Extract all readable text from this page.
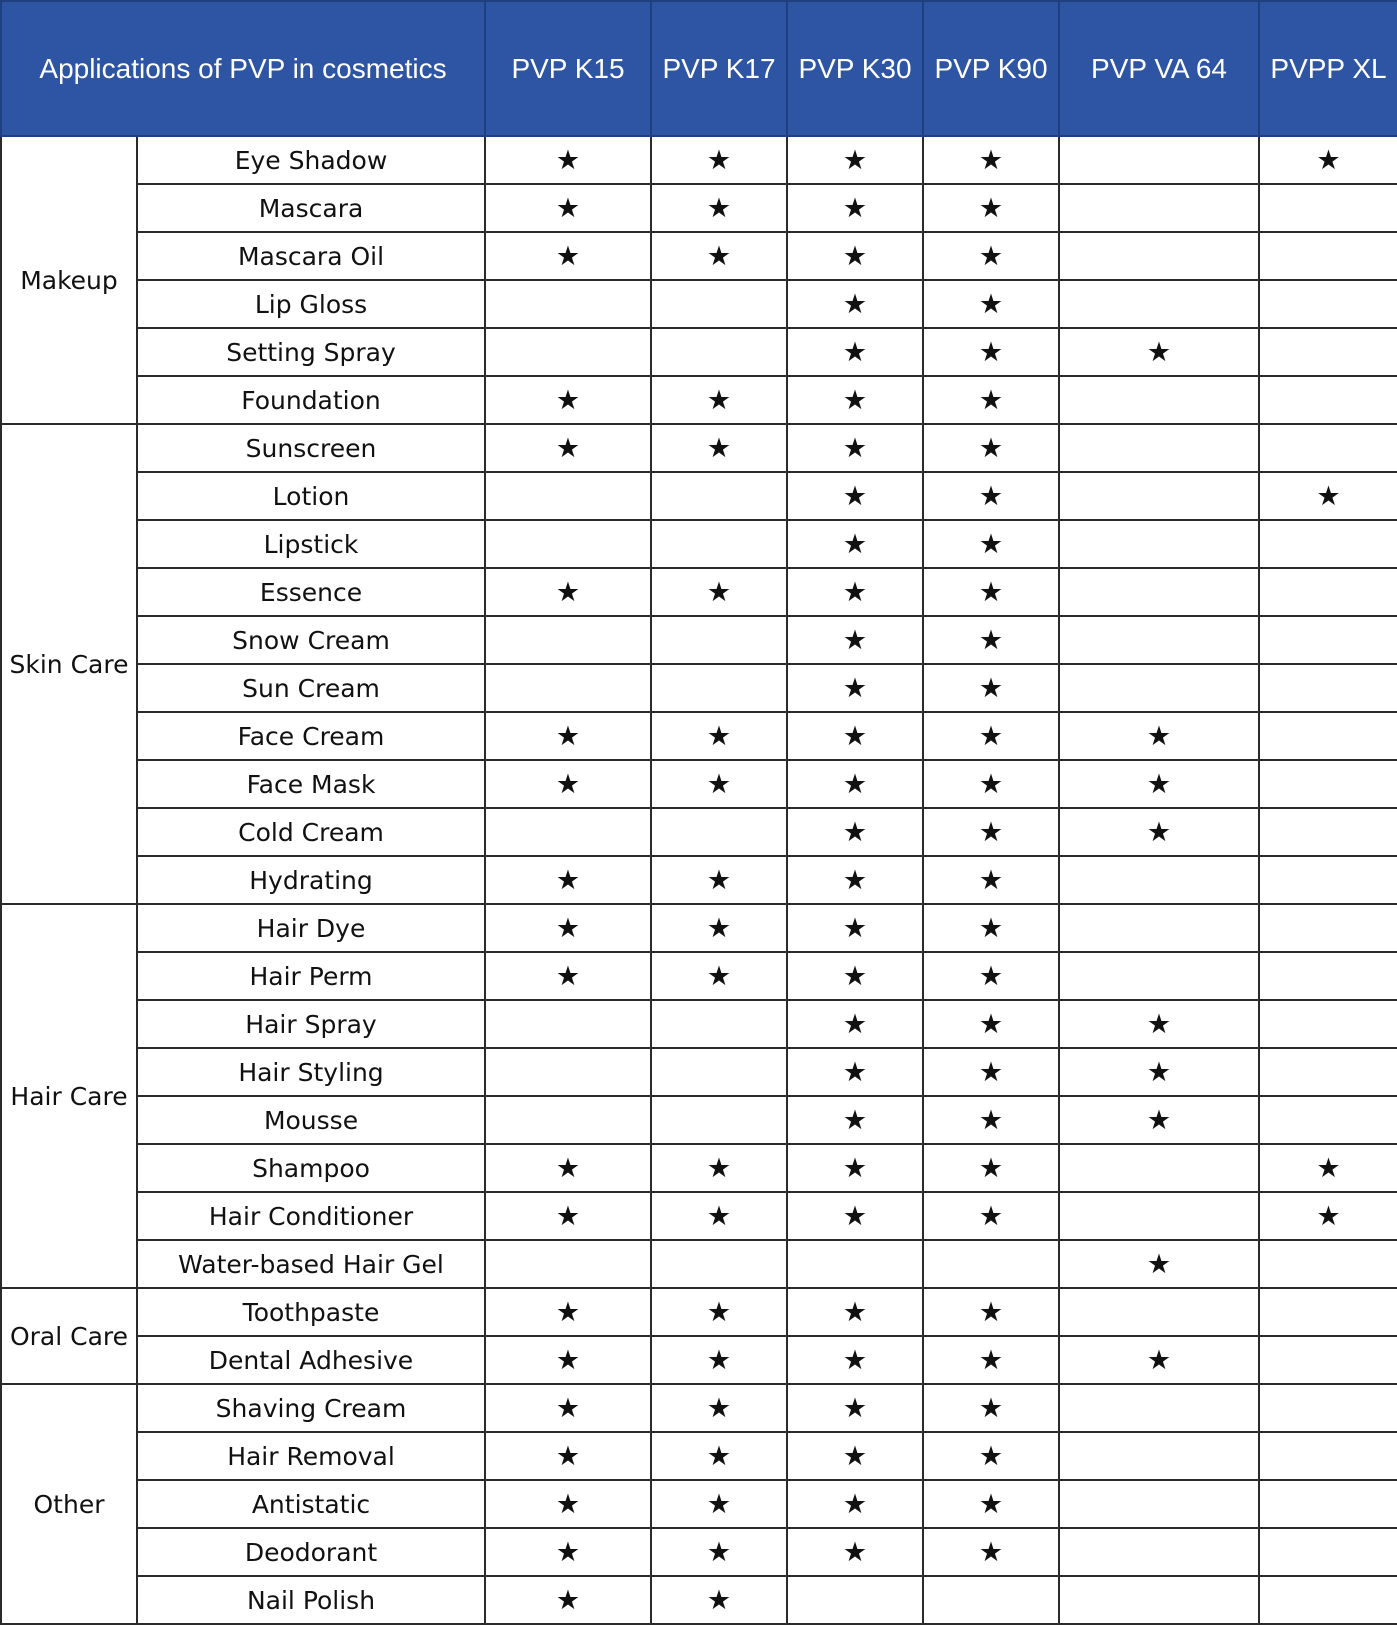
Applications of PVP in cosmetics		PVP K15	PVP K17	PVP K30	PVP K90	PVP VA 64	PVPP XL
Makeup	Eye Shadow	★	★	★	★		★
	Mascara	★	★	★	★		
	Mascara Oil	★	★	★	★		
	Lip Gloss			★	★		
	Setting Spray			★	★	★	
	Foundation	★	★	★	★		
Skin Care	Sunscreen	★	★	★	★		
	Lotion			★	★		★
	Lipstick			★	★		
	Essence	★	★	★	★		
	Snow Cream			★	★		
	Sun Cream			★	★		
	Face Cream	★	★	★	★	★	
	Face Mask	★	★	★	★	★	
	Cold Cream			★	★	★	
	Hydrating	★	★	★	★		
Hair Care	Hair Dye	★	★	★	★		
	Hair Perm	★	★	★	★		
	Hair Spray			★	★	★	
	Hair Styling			★	★	★	
	Mousse			★	★	★	
	Shampoo	★	★	★	★		★
	Hair Conditioner	★	★	★	★		★
	Water-based Hair Gel					★	
Oral Care	Toothpaste	★	★	★	★		
	Dental Adhesive	★	★	★	★	★	
Other	Shaving Cream	★	★	★	★		
	Hair Removal	★	★	★	★		
	Antistatic	★	★	★	★		
	Deodorant	★	★	★	★		
	Nail Polish	★	★				
